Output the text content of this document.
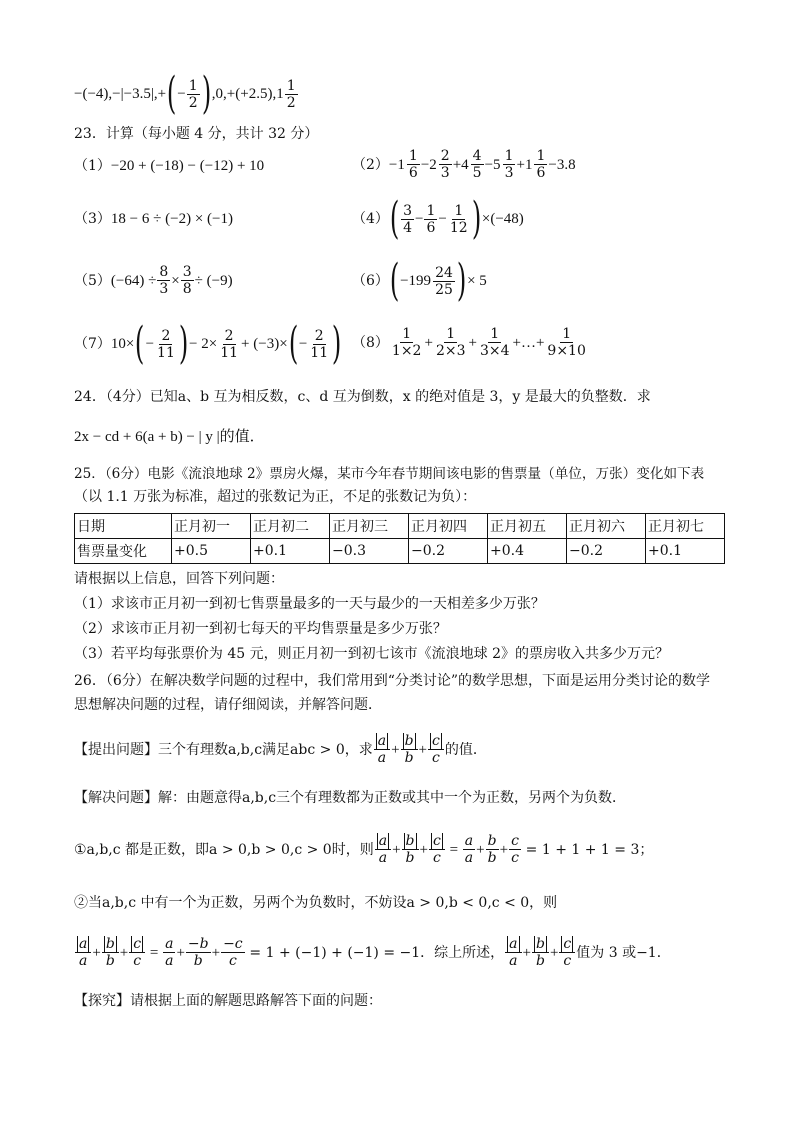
−(−4),−|−3.5|,+ ( − $\frac{1}{2}$ ) ,0,+(+2.5),1
1
2
23．计算（每小题 4 分，共计 32 分）
（1）−20 + (−18) − (−12) + 10	（2） −1
1
6
−2
2
3
+4
4
5
−5
1
3
+1
1
6
−3.8
（3）18 − 6 ÷ (−2) × (−1)	（4） ( 3
4
− $\frac{1}{6} - \frac{1}{12}$ ) ×(−48)
（5） $(-64) \div \frac{8}{3} \times \frac{3}{8} \div (-9)$	（6） ( −199
24
25 ) × 5
（7） 10× ( − $\frac{2}{11}$ ) − $2\times \frac{2}{11} + (-3)\times$ ( − $\frac{2}{11}$ ) （8）
1
1×2
+ $\frac{1}{2\times 3} + \frac{1}{3\times 4}$ +…+ $\frac{1}{9\times 10}$
24．（4分）已知a、b 互为相反数，c、d 互为倒数，x 的绝对值是 3，y 是最大的负整数．求
2x − cd + 6(a + b) − | y |的值．
25．（6分）电影《流浪地球 2》票房火爆，某市今年春节期间该电影的售票量（单位，万张）变化如下表
（以 1.1 万张为标准，超过的张数记为正，不足的张数记为负）：
日期	正月初一	正月初二	正月初三	正月初四	正月初五	正月初六	正月初七
售票量变化	+0.5	+0.1	−0.3	−0.2	+0.4	−0.2	+0.1
请根据以上信息，回答下列问题：
（1）求该市正月初一到初七售票量最多的一天与最少的一天相差多少万张？
（2）求该市正月初一到初七每天的平均售票量是多少万张？
（3）若平均每张票价为 45 元，则正月初一到初七该市《流浪地球 2》的票房收入共多少万元？
26．（6分）在解决数学问题的过程中，我们常用到“分类讨论”的数学思想，下面是运用分类讨论的数学
思想解决问题的过程，请仔细阅读，并解答问题．
【提出问题】三个有理数a,b,c满足abc > 0，求
a
a
+ $\frac{b}{b} + \frac{c}{c}$ 的值．
【解决问题】解：由题意得a,b,c三个有理数都为正数或其中一个为正数，另两个为负数．
①a,b,c 都是正数，即a > 0,b > 0,c > 0时，则
a
a
+ $\frac{b}{b} + \frac{c}{c} = \frac{a}{a} + \frac{b}{b} + \frac{c}{c}$
= 1 + 1 + 1 = 3；
②当a,b,c 中有一个为正数，另两个为负数时，不妨设a > 0,b < 0,c < 0，则
a
a
+ $\frac{b}{b} + \frac{c}{c} = \frac{a}{a} + \frac{-b}{b} + \frac{-c}{c}$
= 1 + (−1) + (−1) = −1．综上所述，
a
a
+ $\frac{b}{b} + \frac{c}{c}$ 值为 3 或−1．
【探究】请根据上面的解题思路解答下面的问题：
